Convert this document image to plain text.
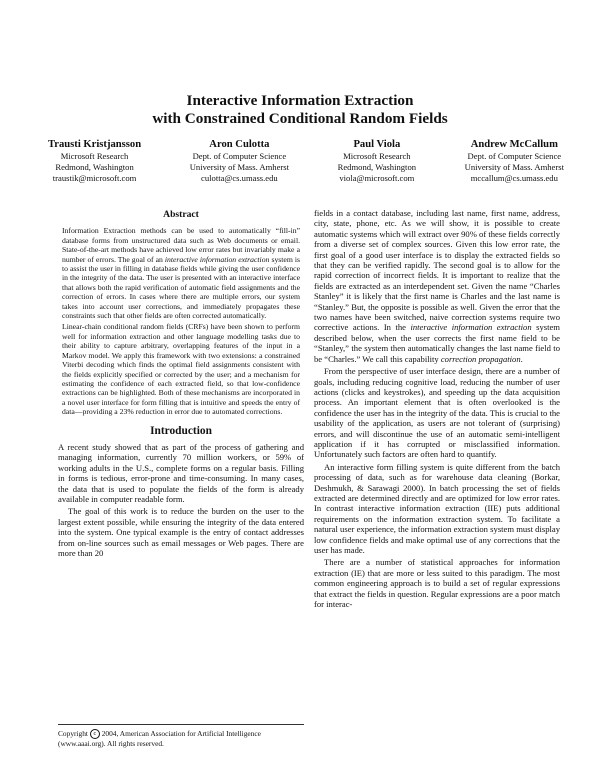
Interactive Information Extraction
with Constrained Conditional Random Fields
Trausti Kristjansson
Microsoft Research
Redmond, Washington
traustik@microsoft.com
Aron Culotta
Dept. of Computer Science
University of Mass. Amherst
culotta@cs.umass.edu
Paul Viola
Microsoft Research
Redmond, Washington
viola@microsoft.com
Andrew McCallum
Dept. of Computer Science
University of Mass. Amherst
mccallum@cs.umass.edu
Abstract

Information Extraction methods can be used to automatically “fill-in” database forms from unstructured data such as Web documents or email. State-of-the-art methods have achieved low error rates but invariably make a number of errors. The goal of an interactive information extraction system is to assist the user in filling in database fields while giving the user confidence in the integrity of the data. The user is presented with an interactive interface that allows both the rapid verification of automatic field assignments and the correction of errors. In cases where there are multiple errors, our system takes into account user corrections, and immediately propagates these constraints such that other fields are often corrected automatically.

Linear-chain conditional random fields (CRFs) have been shown to perform well for information extraction and other language modelling tasks due to their ability to capture arbitrary, overlapping features of the input in a Markov model. We apply this framework with two extensions: a constrained Viterbi decoding which finds the optimal field assignments consistent with the fields explicitly specified or corrected by the user; and a mechanism for estimating the confidence of each extracted field, so that low-confidence extractions can be highlighted. Both of these mechanisms are incorporated in a novel user interface for form filling that is intuitive and speeds the entry of data—providing a 23% reduction in error due to automated corrections.

Introduction

A recent study showed that as part of the process of gathering and managing information, currently 70 million workers, or 59% of working adults in the U.S., complete forms on a regular basis. Filling in forms is tedious, error-prone and time-consuming. In many cases, the data that is used to populate the fields of the form is already available in computer readable form.

The goal of this work is to reduce the burden on the user to the largest extent possible, while ensuring the integrity of the data entered into the system. One typical example is the entry of contact addresses from on-line sources such as email messages or Web pages. There are more than 20

Copyright c 2004, American Association for Artificial Intelligence (www.aaai.org). All rights reserved.

fields in a contact database, including last name, first name, address, city, state, phone, etc. As we will show, it is possible to create automatic systems which will extract over 90% of these fields correctly from a diverse set of complex sources. Given this low error rate, the first goal of a good user interface is to display the extracted fields so that they can be verified rapidly. The second goal is to allow for the rapid correction of incorrect fields. It is important to realize that the fields are extracted as an interdependent set. Given the name “Charles Stanley” it is likely that the first name is Charles and the last name is “Stanley.” But, the opposite is possible as well. Given the error that the two names have been switched, naive correction systems require two corrective actions. In the interactive information extraction system described below, when the user corrects the first name field to be “Stanley,” the system then automatically changes the last name field to be “Charles.” We call this capability correction propagation.

From the perspective of user interface design, there are a number of goals, including reducing cognitive load, reducing the number of user actions (clicks and keystrokes), and speeding up the data acquisition process. An important element that is often overlooked is the confidence the user has in the integrity of the data. This is crucial to the usability of the application, as users are not tolerant of (surprising) errors, and will discontinue the use of an automatic semi-intelligent application if it has corrupted or misclassified information. Unfortunately such factors are often hard to quantify.

An interactive form filling system is quite different from the batch processing of data, such as for warehouse data cleaning (Borkar, Deshmukh, & Sarawagi 2000). In batch processing the set of fields extracted are determined directly and are optimized for low error rates. In contrast interactive information extraction (IIE) puts additional requirements on the information extraction system. To facilitate a natural user experience, the information extraction system must display low confidence fields and make optimal use of any corrections that the user has made.

There are a number of statistical approaches for information extraction (IE) that are more or less suited to this paradigm. The most common engineering approach is to build a set of regular expressions that extract the fields in question. Regular expressions are a poor match for interac-
